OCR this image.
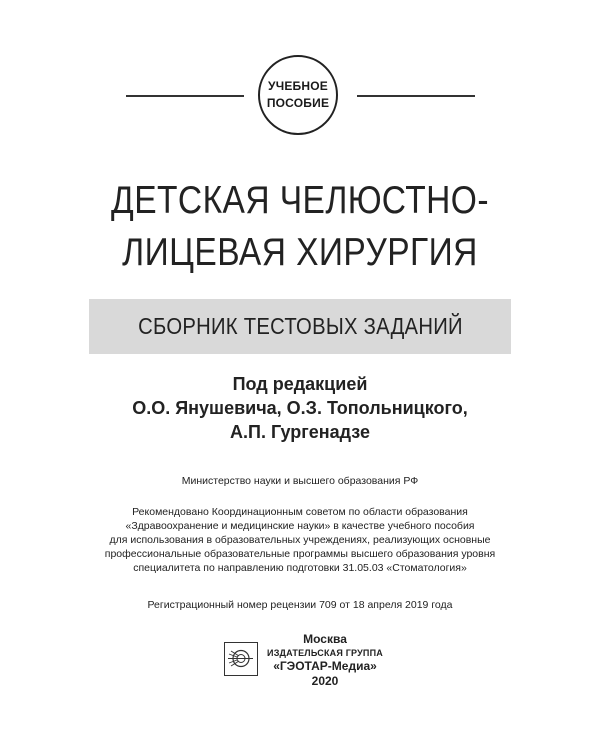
УЧЕБНОЕ
ПОСОБИЕ
ДЕТСКАЯ ЧЕЛЮСТНО-
ЛИЦЕВАЯ ХИРУРГИЯ
СБОРНИК ТЕСТОВЫХ ЗАДАНИЙ
Под редакцией
О.О. Янушевича, О.З. Топольницкого,
А.П. Гургенадзе
Министерство науки и высшего образования РФ
Рекомендовано Координационным советом по области образования
«Здравоохранение и медицинские науки» в качестве учебного пособия
для использования в образовательных учреждениях, реализующих основные
профессиональные образовательные программы высшего образования уровня
специалитета по направлению подготовки 31.05.03 «Стоматология»
Регистрационный номер рецензии 709 от 18 апреля 2019 года
Москва
ИЗДАТЕЛЬСКАЯ ГРУППА
«ГЭОТАР-Медиа»
2020
